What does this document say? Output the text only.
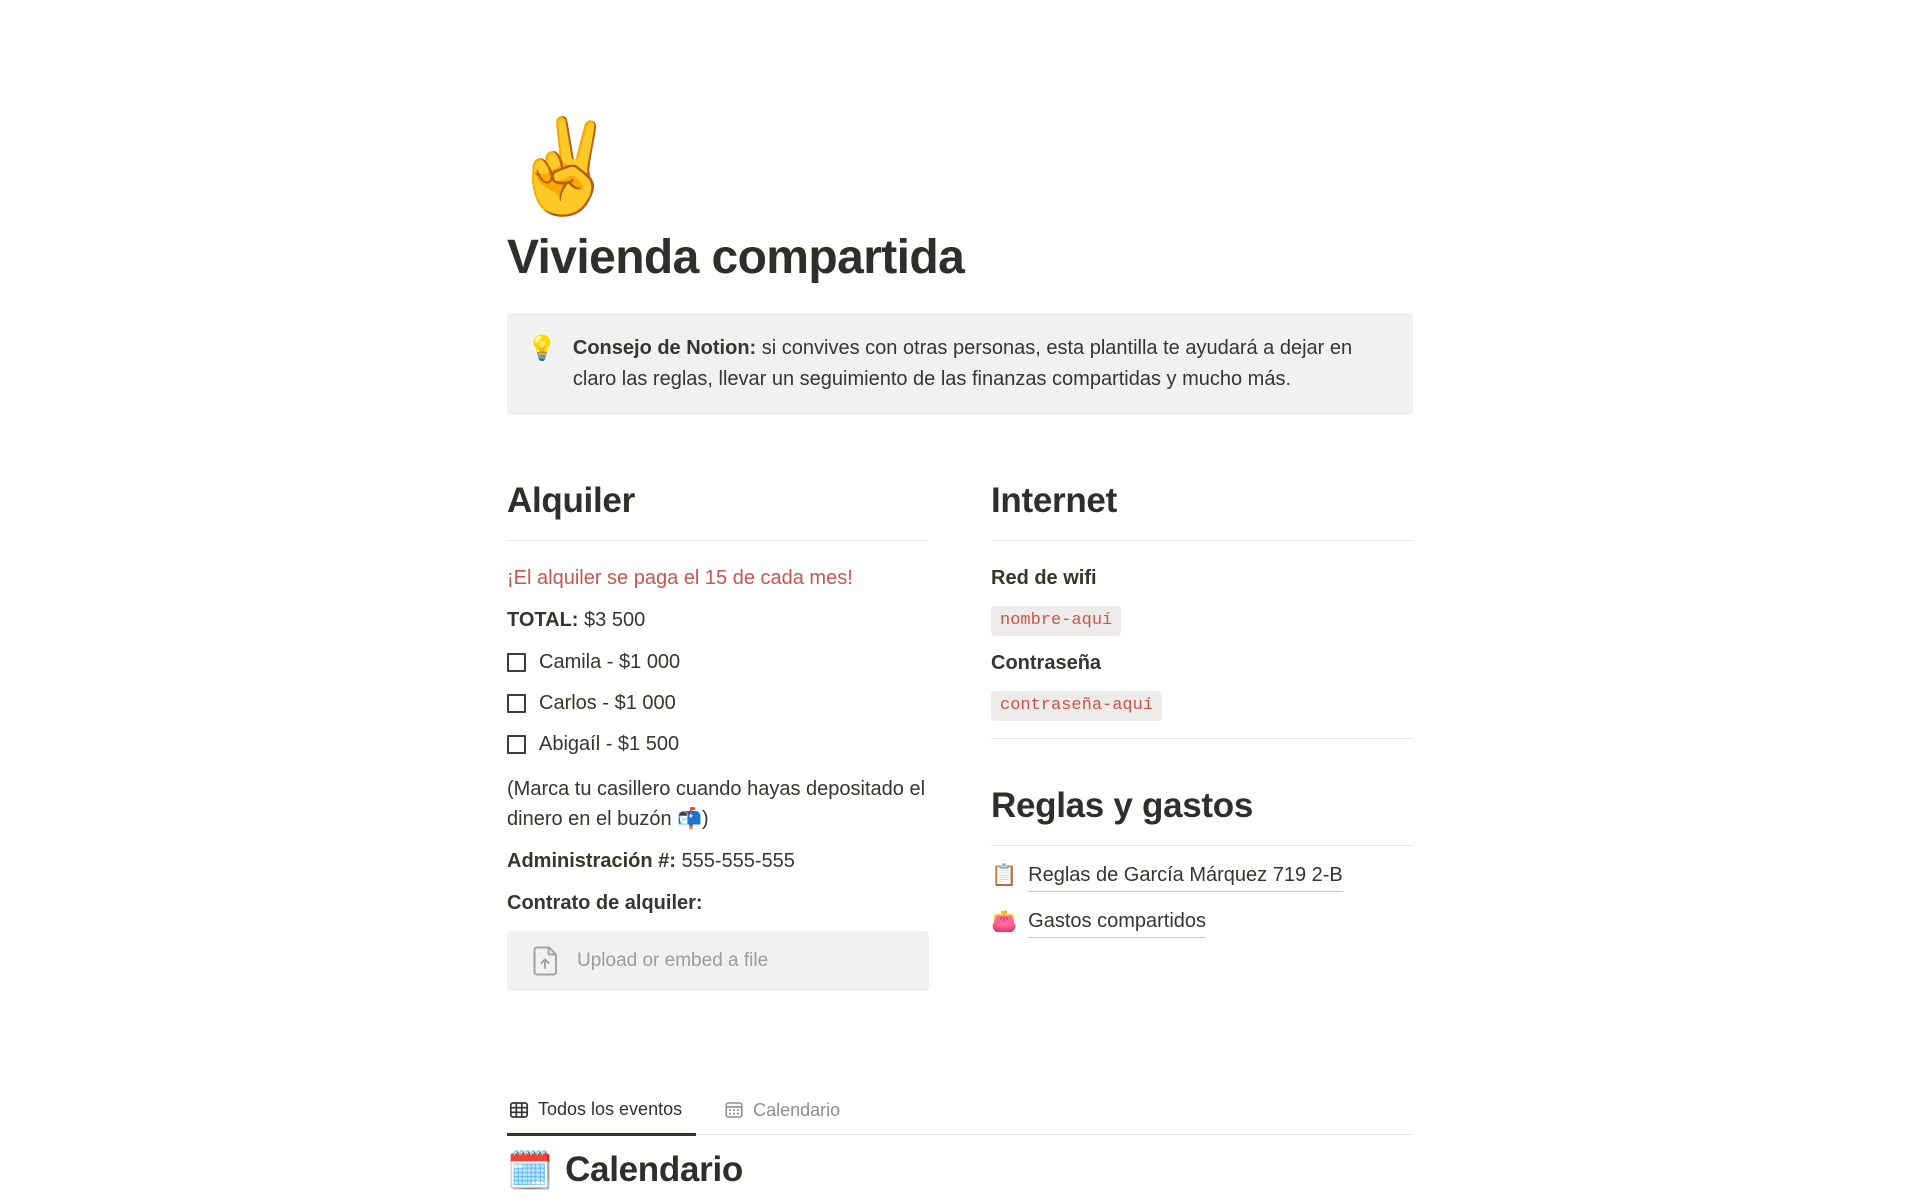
✌️
Vivienda compartida
💡 Consejo de Notion: si convives con otras personas, esta plantilla te ayudará a dejar en claro las reglas, llevar un seguimiento de las finanzas compartidas y mucho más.
Alquiler
¡El alquiler se paga el 15 de cada mes!
TOTAL: $3 500
Camila - $1 000
Carlos - $1 000
Abigaíl - $1 500
(Marca tu casillero cuando hayas depositado el dinero en el buzón 📬)
Administración #: 555-555-555
Contrato de alquiler:
Upload or embed a file
Internet
Red de wifi
nombre-aquí
Contraseña
contraseña-aquí
Reglas y gastos
📋 Reglas de García Márquez 719 2-B
👛 Gastos compartidos
Todos los eventos	Calendario
🗓️ Calendario
